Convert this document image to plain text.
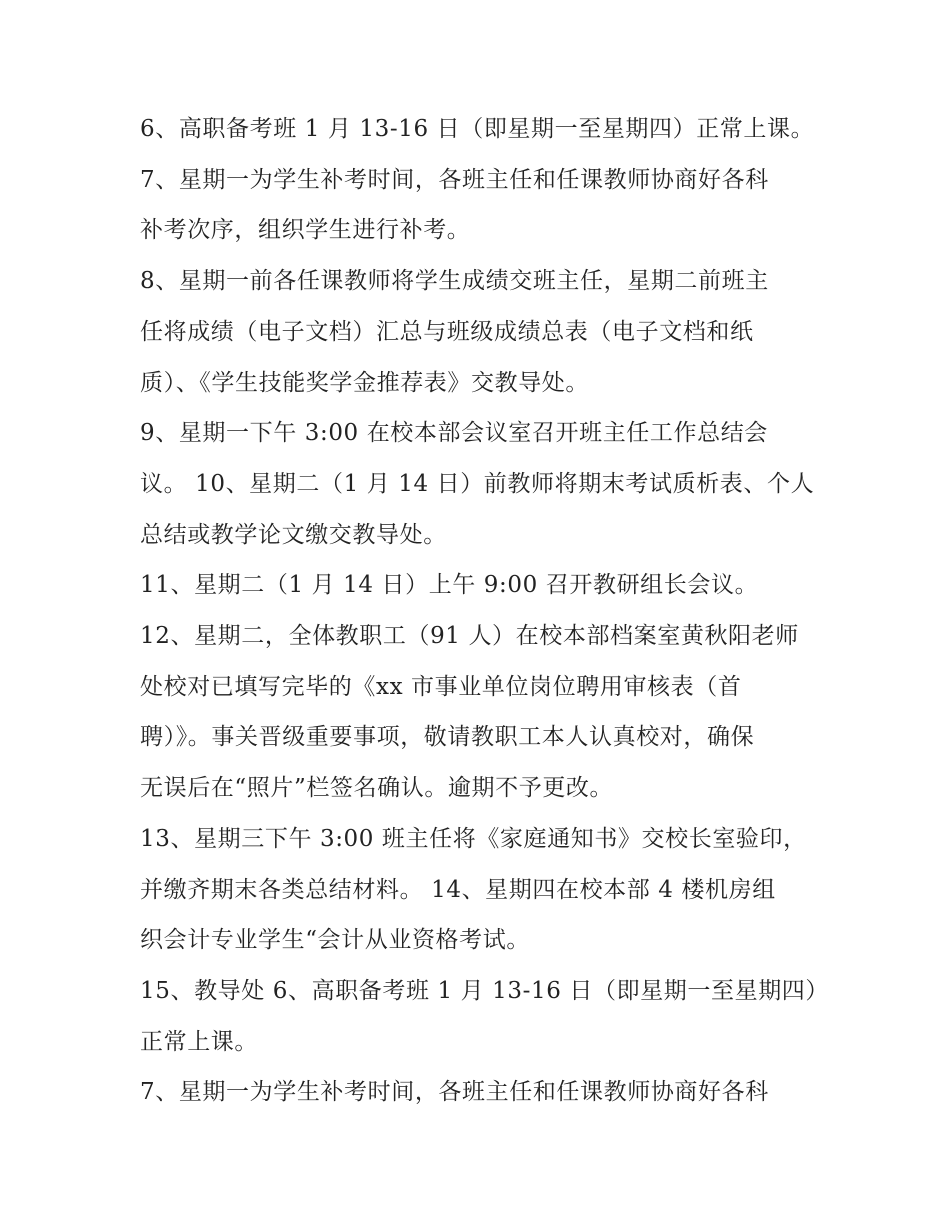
6、高职备考班 1 月 13-16 日（即星期一至星期四）正常上课。

7、星期一为学生补考时间，各班主任和任课教师协商好各科
补考次序，组织学生进行补考。

8、星期一前各任课教师将学生成绩交班主任，星期二前班主
任将成绩（电子文档）汇总与班级成绩总表（电子文档和纸
质）、《学生技能奖学金推荐表》交教导处。

9、星期一下午 3:00 在校本部会议室召开班主任工作总结会
议。 10、星期二（1 月 14 日）前教师将期末考试质析表、个人
总结或教学论文缴交教导处。

11、星期二（1 月 14 日）上午 9:00 召开教研组长会议。

12、星期二，全体教职工（91 人）在校本部档案室黄秋阳老师
处校对已填写完毕的《xx 市事业单位岗位聘用审核表（首
聘）》。事关晋级重要事项，敬请教职工本人认真校对，确保
无误后在“照片”栏签名确认。逾期不予更改。

13、星期三下午 3:00 班主任将《家庭通知书》交校长室验印，
并缴齐期末各类总结材料。 14、星期四在校本部 4 楼机房组
织会计专业学生“会计从业资格考试。

15、教导处 6、高职备考班 1 月 13-16 日（即星期一至星期四）
正常上课。

7、星期一为学生补考时间，各班主任和任课教师协商好各科
